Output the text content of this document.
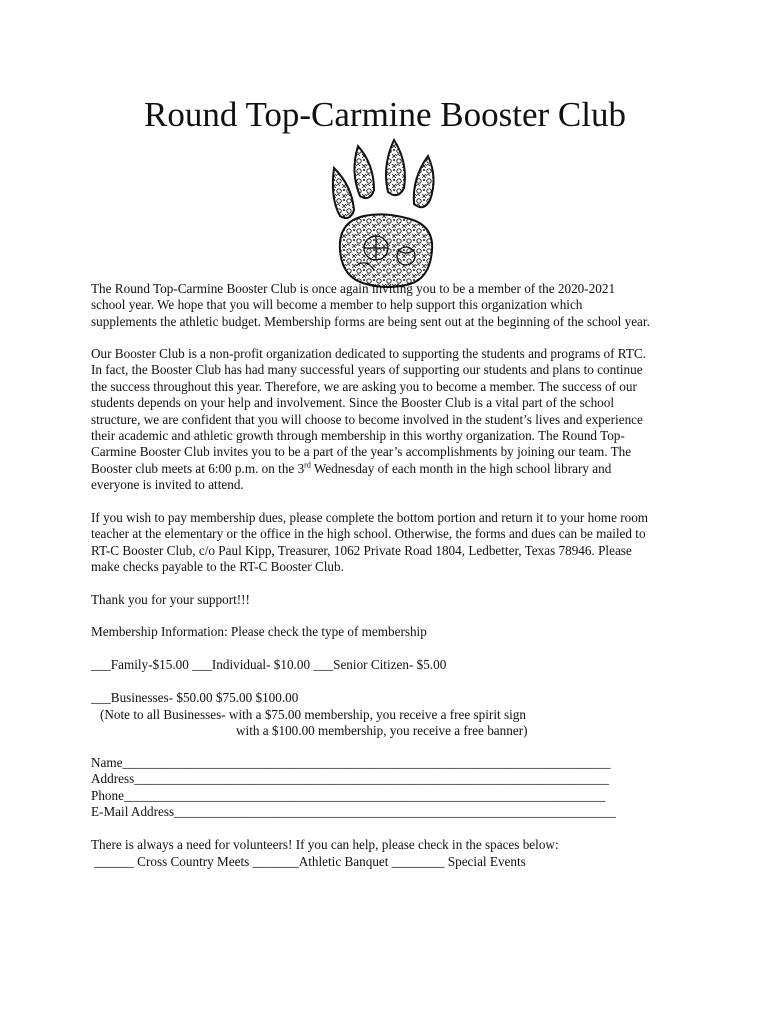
Round Top-Carmine Booster Club

The Round Top-Carmine Booster Club is once again inviting you to be a member of the 2020-2021

school year. We hope that you will become a member to help support this organization which

supplements the athletic budget. Membership forms are being sent out at the beginning of the school year.

Our Booster Club is a non-profit organization dedicated to supporting the students and programs of RTC.

In fact, the Booster Club has had many successful years of supporting our students and plans to continue

the success throughout this year. Therefore, we are asking you to become a member. The success of our

students depends on your help and involvement. Since the Booster Club is a vital part of the school

structure, we are confident that you will choose to become involved in the student’s lives and experience

their academic and athletic growth through membership in this worthy organization. The Round Top-

Carmine Booster Club invites you to be a part of the year’s accomplishments by joining our team. The

Booster club meets at 6:00 p.m. on the 3rd Wednesday of each month in the high school library and

everyone is invited to attend.

If you wish to pay membership dues, please complete the bottom portion and return it to your home room

teacher at the elementary or the office in the high school. Otherwise, the forms and dues can be mailed to

RT-C Booster Club, c/o Paul Kipp, Treasurer, 1062 Private Road 1804, Ledbetter, Texas 78946. Please

make checks payable to the RT-C Booster Club.

Thank you for your support!!!
Membership Information: Please check the type of membership
___Family-$15.00 ___Individual- $10.00 ___Senior Citizen- $5.00
___Businesses- $50.00 $75.00 $100.00
(Note to all Businesses- with a $75.00 membership, you receive a free spirit sign
with a $100.00 membership, you receive a free banner)

Name__________________________________________________________________________

Address________________________________________________________________________

Phone_________________________________________________________________________

E-Mail Address___________________________________________________________________

There is always a need for volunteers! If you can help, please check in the spaces below:
______ Cross Country Meets _______Athletic Banquet ________ Special Events
